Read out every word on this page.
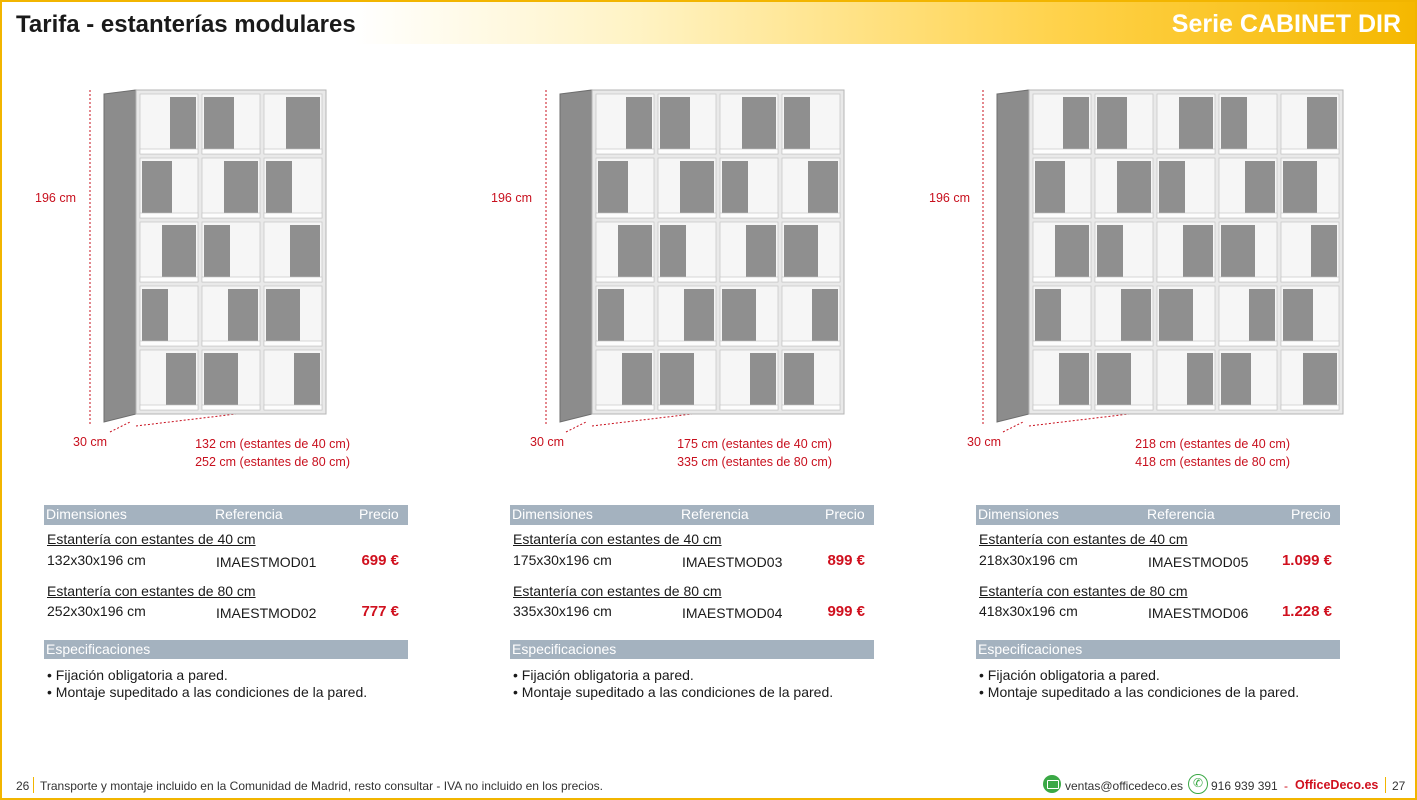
Tarifa - estanterías modulares	Serie CABINET DIR
196 cm
30 cm	132 cm (estantes de 40 cm)
252 cm (estantes de 80 cm)
Dimensiones	Referencia	Precio
Estantería con estantes de 40 cm
132x30x196 cm	IMAESTMOD01	699 €
Estantería con estantes de 80 cm
252x30x196 cm	IMAESTMOD02	777 €
Especificaciones
• Fijación obligatoria a pared.
• Montaje supeditado a las condiciones de la pared.
196 cm
30 cm	175 cm (estantes de 40 cm)
335 cm (estantes de 80 cm)
Dimensiones	Referencia	Precio
Estantería con estantes de 40 cm
175x30x196 cm	IMAESTMOD03	899 €
Estantería con estantes de 80 cm
335x30x196 cm	IMAESTMOD04	999 €
Especificaciones
• Fijación obligatoria a pared.
• Montaje supeditado a las condiciones de la pared.
196 cm
30 cm	218 cm (estantes de 40 cm)
418 cm (estantes de 80 cm)
Dimensiones	Referencia	Precio
Estantería con estantes de 40 cm
218x30x196 cm	IMAESTMOD05 1.099 €
Estantería con estantes de 80 cm
418x30x196 cm	IMAESTMOD06 1.228 €
Especificaciones
• Fijación obligatoria a pared.
• Montaje supeditado a las condiciones de la pared.
26 Transporte y montaje incluido en la Comunidad de Madrid, resto consultar - IVA no incluido en los precios.	ventas@officedeco.es ✆ 916 939 391 - OfficeDeco.es 27
